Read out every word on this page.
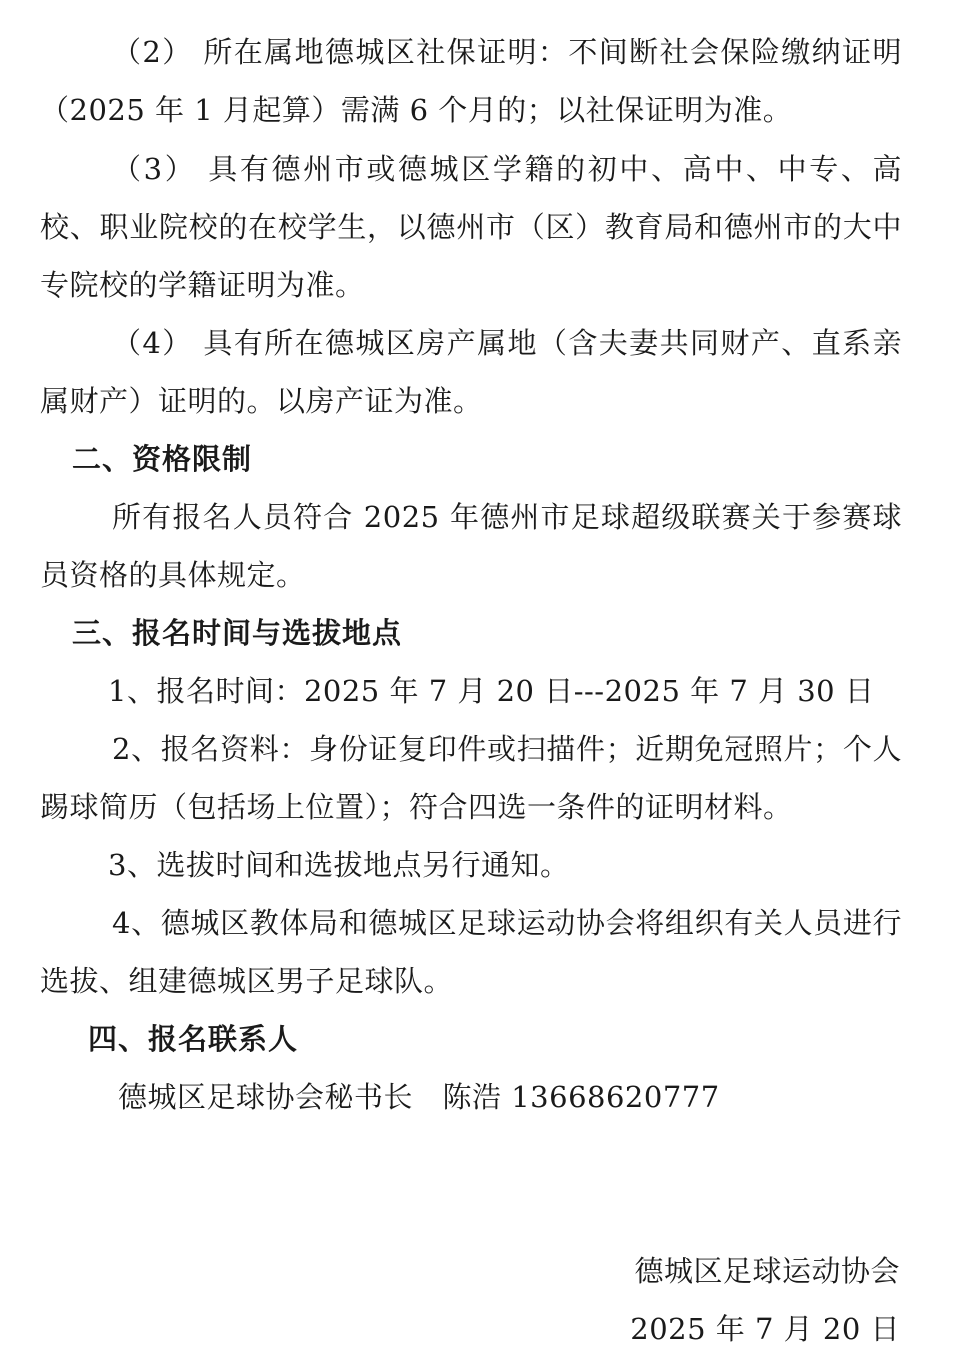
（2） 所在属地德城区社保证明：不间断社会保险缴纳证明（2025 年 1 月起算）需满 6 个月的；以社保证明为准。

（3） 具有德州市或德城区学籍的初中、高中、中专、高校、职业院校的在校学生，以德州市（区）教育局和德州市的大中专院校的学籍证明为准。

（4） 具有所在德城区房产属地（含夫妻共同财产、直系亲属财产）证明的。以房产证为准。

二、资格限制

所有报名人员符合 2025 年德州市足球超级联赛关于参赛球员资格的具体规定。

三、报名时间与选拔地点

1、报名时间：2025 年 7 月 20 日---2025 年 7 月 30 日

2、报名资料：身份证复印件或扫描件；近期免冠照片；个人踢球简历（包括场上位置）；符合四选一条件的证明材料。

3、选拔时间和选拔地点另行通知。

4、德城区教体局和德城区足球运动协会将组织有关人员进行选拔、组建德城区男子足球队。

四、报名联系人

德城区足球协会秘书长　陈浩 13668620777

德城区足球运动协会

2025 年 7 月 20 日
